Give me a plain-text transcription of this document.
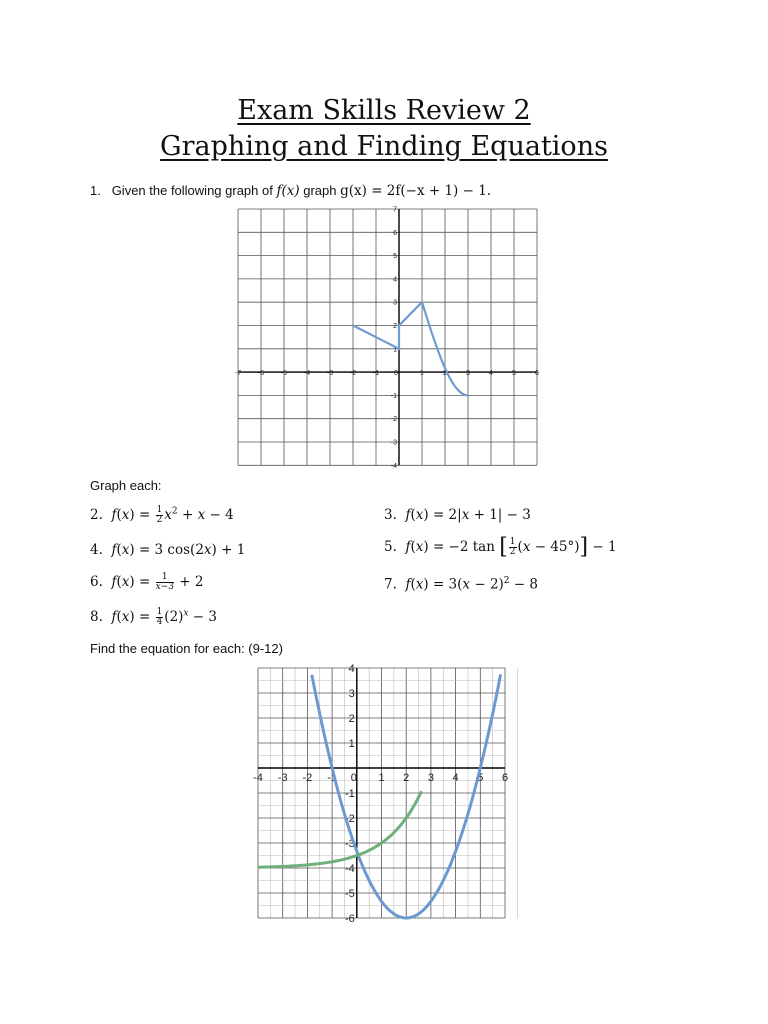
Exam Skills Review 2
Graphing and Finding Equations
1. Given the following graph of f(x) graph g(x) = 2f(−x + 1) − 1.
-7 -6 -5 -4 -3 -2 -1 0	1	2	3	4	5	6
7
6
5
4
3
2
1
-1
-2
-3
-4
Graph each:
2. $f(x) = \frac{1}{2} x^2 + x - 4$	3. f(x) = 2|x + 1| − 3
4. f(x) = 3 cos(2x) + 1	5. f(x) = −2 tan [ $\frac{1}{2} (x - 45^\circ)] - 1$
6. $f(x) = \frac{1}{x-3} + 2$	7. $f(x) = 3(x - 2)^2 - 8$
8. $f(x) = \frac{1}{4} (2)^x - 3$
Find the equation for each: (9-12)
-4 -3 -2 -1 0 1 2 3 4 5 6
4
3
2
1
-1
-2
-3
-4
-5
-6
